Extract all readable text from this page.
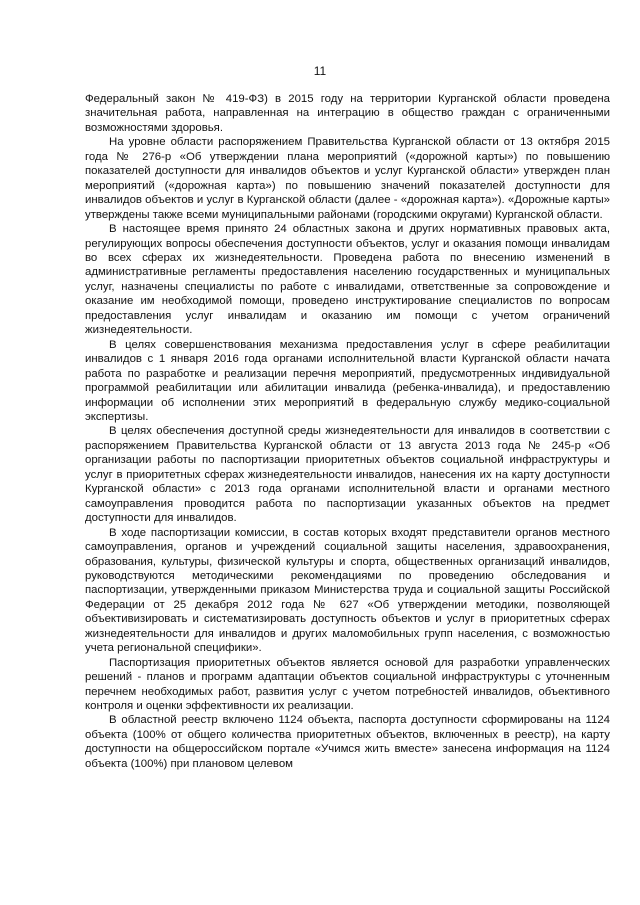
11

Федеральный закон № 419-ФЗ) в 2015 году на территории Курганской области проведена значительная работа, направленная на интеграцию в общество граждан с ограниченными возможностями здоровья.

На уровне области распоряжением Правительства Курганской области от 13 октября 2015 года № 276-р «Об утверждении плана мероприятий («дорожной карты») по повышению показателей доступности для инвалидов объектов и услуг Курганской области» утвержден план мероприятий («дорожная карта») по повышению значений показателей доступности для инвалидов объектов и услуг в Курганской области (далее - «дорожная карта»). «Дорожные карты» утверждены также всеми муниципальными районами (городскими округами) Курганской области.

В настоящее время принято 24 областных закона и других нормативных правовых акта, регулирующих вопросы обеспечения доступности объектов, услуг и оказания помощи инвалидам во всех сферах их жизнедеятельности. Проведена работа по внесению изменений в административные регламенты предоставления населению государственных и муниципальных услуг, назначены специалисты по работе с инвалидами, ответственные за сопровождение и оказание им необходимой помощи, проведено инструктирование специалистов по вопросам предоставления услуг инвалидам и оказанию им помощи с учетом ограничений жизнедеятельности.

В целях совершенствования механизма предоставления услуг в сфере реабилитации инвалидов с 1 января 2016 года органами исполнительной власти Курганской области начата работа по разработке и реализации перечня мероприятий, предусмотренных индивидуальной программой реабилитации или абилитации инвалида (ребенка-инвалида), и предоставлению информации об исполнении этих мероприятий в федеральную службу медико-социальной экспертизы.

В целях обеспечения доступной среды жизнедеятельности для инвалидов в соответствии с распоряжением Правительства Курганской области от 13 августа 2013 года № 245-р «Об организации работы по паспортизации приоритетных объектов социальной инфраструктуры и услуг в приоритетных сферах жизнедеятельности инвалидов, нанесения их на карту доступности Курганской области» с 2013 года органами исполнительной власти и органами местного самоуправления проводится работа по паспортизации указанных объектов на предмет доступности для инвалидов.

В ходе паспортизации комиссии, в состав которых входят представители органов местного самоуправления, органов и учреждений социальной защиты населения, здравоохранения, образования, культуры, физической культуры и спорта, общественных организаций инвалидов, руководствуются методическими рекомендациями по проведению обследования и паспортизации, утвержденными приказом Министерства труда и социальной защиты Российской Федерации от 25 декабря 2012 года № 627 «Об утверждении методики, позволяющей объективизировать и систематизировать доступность объектов и услуг в приоритетных сферах жизнедеятельности для инвалидов и других маломобильных групп населения, с возможностью учета региональной специфики».

Паспортизация приоритетных объектов является основой для разработки управленческих решений - планов и программ адаптации объектов социальной инфраструктуры с уточненным перечнем необходимых работ, развития услуг с учетом потребностей инвалидов, объективного контроля и оценки эффективности их реализации.

В областной реестр включено 1124 объекта, паспорта доступности сформированы на 1124 объекта (100% от общего количества приоритетных объектов, включенных в реестр), на карту доступности на общероссийском портале «Учимся жить вместе» занесена информация на 1124 объекта (100%) при плановом целевом
